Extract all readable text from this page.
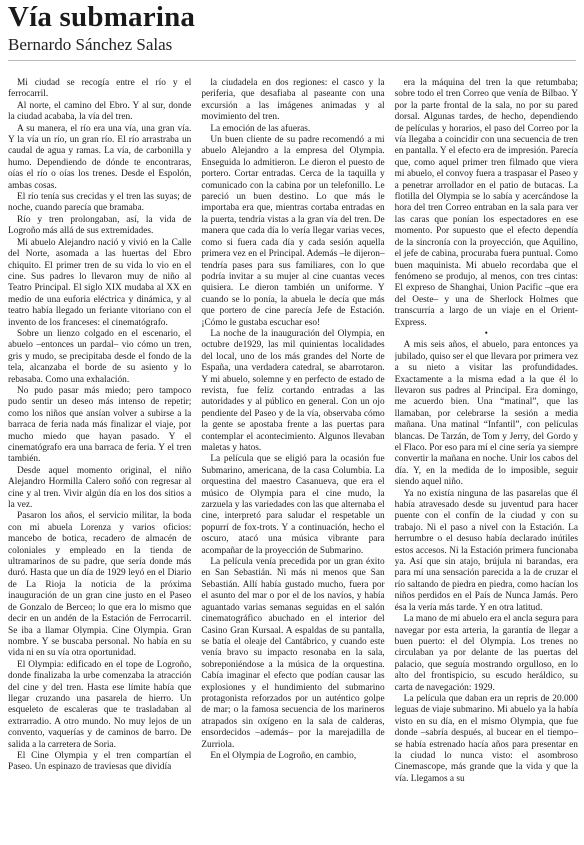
Vía submarina
Bernardo Sánchez Salas

Mi ciudad se recogía entre el río y el ferrocarril.

Al norte, el camino del Ebro. Y al sur, donde la ciudad acababa, la vía del tren.

A su manera, el río era una vía, una gran vía. Y la vía un río, un gran río. El río arrastraba un caudal de agua y ramas. La vía, de carbonilla y humo. Dependiendo de dónde te encontraras, oías el río o oías los trenes. Desde el Espolón, ambas cosas.

El río tenía sus crecidas y el tren las suyas; de noche, cuando parecía que bramaba.

Río y tren prolongaban, así, la vida de Logroño más allá de sus extremidades.

Mi abuelo Alejandro nació y vivió en la Calle del Norte, asomada a las huertas del Ebro chiquito. El primer tren de su vida lo vio en el cine. Sus padres lo llevaron muy de niño al Teatro Principal. El siglo XIX mudaba al XX en medio de una euforia eléctrica y dinámica, y al teatro había llegado un feriante vitoriano con el invento de los franceses: el cinematógrafo.

Sobre un lienzo colgado en el escenario, el abuelo –entonces un pardal– vio cómo un tren, gris y mudo, se precipitaba desde el fondo de la tela, alcanzaba el borde de su asiento y lo rebasaba. Como una exhalación.

No pudo pasar más miedo; pero tampoco pudo sentir un deseo más intenso de repetir; como los niños que ansían volver a subirse a la barraca de feria nada más finalizar el viaje, por mucho miedo que hayan pasado. Y el cinematógrafo era una barraca de feria. Y el tren también.

Desde aquel momento original, el niño Alejandro Hormilla Calero soñó con regresar al cine y al tren. Vivir algún día en los dos sitios a la vez.

Pasaron los años, el servicio militar, la boda con mi abuela Lorenza y varios oficios: mancebo de botica, recadero de almacén de coloniales y empleado en la tienda de ultramarinos de su padre, que sería donde más duró. Hasta que un día de 1929 leyó en el Diario de La Rioja la noticia de la próxima inauguración de un gran cine justo en el Paseo de Gonzalo de Berceo; lo que era lo mismo que decir en un andén de la Estación de Ferrocarril. Se iba a llamar Olympia. Cine Olympia. Gran nombre. Y se buscaba personal. No había en su vida ni en su vía otra oportunidad.

El Olympia: edificado en el tope de Logroño, donde finalizaba la urbe comenzaba la atracción del cine y del tren. Hasta ese límite había que llegar cruzando una pasarela de hierro. Un esqueleto de escaleras que te trasladaban al extrarradio. A otro mundo. No muy lejos de un convento, vaquerías y de caminos de barro. De salida a la carretera de Soria.

El Cine Olympia y el tren compartían el Paseo. Un espinazo de traviesas que dividía

la ciudadela en dos regiones: el casco y la periferia, que desafiaba al paseante con una excursión a las imágenes animadas y al movimiento del tren.

La emoción de las afueras.

Un buen cliente de su padre recomendó a mi abuelo Alejandro a la empresa del Olympia. Enseguida lo admitieron. Le dieron el puesto de portero. Cortar entradas. Cerca de la taquilla y comunicado con la cabina por un telefonillo. Le pareció un buen destino. Lo que más le importaba era que, mientras cortaba entradas en la puerta, tendría vistas a la gran vía del tren. De manera que cada día lo vería llegar varias veces, como si fuera cada día y cada sesión aquella primera vez en el Principal. Además –le dijeron– tendría pases para sus familiares, con lo que podría invitar a su mujer al cine cuantas veces quisiera. Le dieron también un uniforme. Y cuando se lo ponía, la abuela le decía que más que portero de cine parecía Jefe de Estación. ¡Cómo le gustaba escuchar eso!

La noche de la inauguración del Olympia, en octubre de1929, las mil quinientas localidades del local, uno de los más grandes del Norte de España, una verdadera catedral, se abarrotaron. Y mi abuelo, solemne y en perfecto de estado de revista, fue feliz cortando entradas a las autoridades y al público en general. Con un ojo pendiente del Paseo y de la vía, observaba cómo la gente se apostaba frente a las puertas para contemplar el acontecimiento. Algunos llevaban maletas y hatos.

La película que se eligió para la ocasión fue Submarino, americana, de la casa Columbia. La orquestina del maestro Casanueva, que era el músico de Olympia para el cine mudo, la zarzuela y las variedades con las que alternaba el cine, interpretó para saludar el respetable un popurrí de fox-trots. Y a continuación, hecho el oscuro, atacó una música vibrante para acompañar de la proyección de Submarino.

La película venía precedida por un gran éxito en San Sebastián. Ni más ni menos que San Sebastián. Allí había gustado mucho, fuera por el asunto del mar o por el de los navíos, y había aguantado varias semanas seguidas en el salón cinematográfico abuchado en el interior del Casino Gran Kursaal. A espaldas de su pantalla, se batía el oleaje del Cantábrico, y cuando este venía bravo su impacto resonaba en la sala, sobreponiéndose a la música de la orquestina. Cabía imaginar el efecto que podían causar las explosiones y el hundimiento del submarino protagonista reforzados por un auténtico golpe de mar; o la famosa secuencia de los marineros atrapados sin oxígeno en la sala de calderas, ensordecidos –además– por la marejadilla de Zurriola.

En el Olympia de Logroño, en cambio,

era la máquina del tren la que retumbaba; sobre todo el tren Correo que venía de Bilbao. Y por la parte frontal de la sala, no por su pared dorsal. Algunas tardes, de hecho, dependiendo de películas y horarios, el paso del Correo por la vía llegaba a coincidir con una secuencia de tren en pantalla. Y el efecto era de impresión. Parecía que, como aquel primer tren filmado que viera mi abuelo, el convoy fuera a traspasar el Paseo y a penetrar arrollador en el patio de butacas. La flotilla del Olympia se lo sabía y acercándose la hora del tren Correo entraban en la sala para ver las caras que ponían los espectadores en ese momento. Por supuesto que el efecto dependía de la sincronía con la proyección, que Aquilino, el jefe de cabina, procuraba fuera puntual. Como buen maquinista. Mi abuelo recordaba que el fenómeno se produjo, al menos, con tres cintas: El expreso de Shanghai, Union Pacific –que era del Oeste– y una de Sherlock Holmes que transcurría a largo de un viaje en el Orient-Express.

•

A mis seis años, el abuelo, para entonces ya jubilado, quiso ser el que llevara por primera vez a su nieto a visitar las profundidades. Exactamente a la misma edad a la que él lo llevaron sus padres al Principal. Era domingo, me acuerdo bien. Una “matinal”, que las llamaban, por celebrarse la sesión a media mañana. Una matinal “Infantil”, con películas blancas. De Tarzán, de Tom y Jerry, del Gordo y el Flaco. Por eso para mí el cine sería ya siempre convertir la mañana en noche. Unir los cabos del día. Y, en la medida de lo imposible, seguir siendo aquel niño.

Ya no existía ninguna de las pasarelas que él había atravesado desde su juventud para hacer puente con el confín de la ciudad y con su trabajo. Ni el paso a nivel con la Estación. La herrumbre o el desuso había declarado inútiles estos accesos. Ni la Estación primera funcionaba ya. Así que sin atajo, brújula ni barandas, era para mí una sensación parecida a la de cruzar el río saltando de piedra en piedra, como hacían los niños perdidos en el País de Nunca Jamás. Pero ésa la vería más tarde. Y en otra latitud.

La mano de mi abuelo era el ancla segura para navegar por esta arteria, la garantía de llegar a buen puerto: el del Olympia. Los trenes no circulaban ya por delante de las puertas del palacio, que seguía mostrando orgulloso, en lo alto del frontispicio, su escudo heráldico, su carta de navegación: 1929.

La película que daban era un repris de 20.000 leguas de viaje submarino. Mi abuelo ya la había visto en su día, en el mismo Olympia, que fue donde –sabría después, al bucear en el tiempo– se había estrenado hacía años para presentar en la ciudad lo nunca visto: el asombroso Cinemascope, más grande que la vida y que la vía. Llegamos a su
